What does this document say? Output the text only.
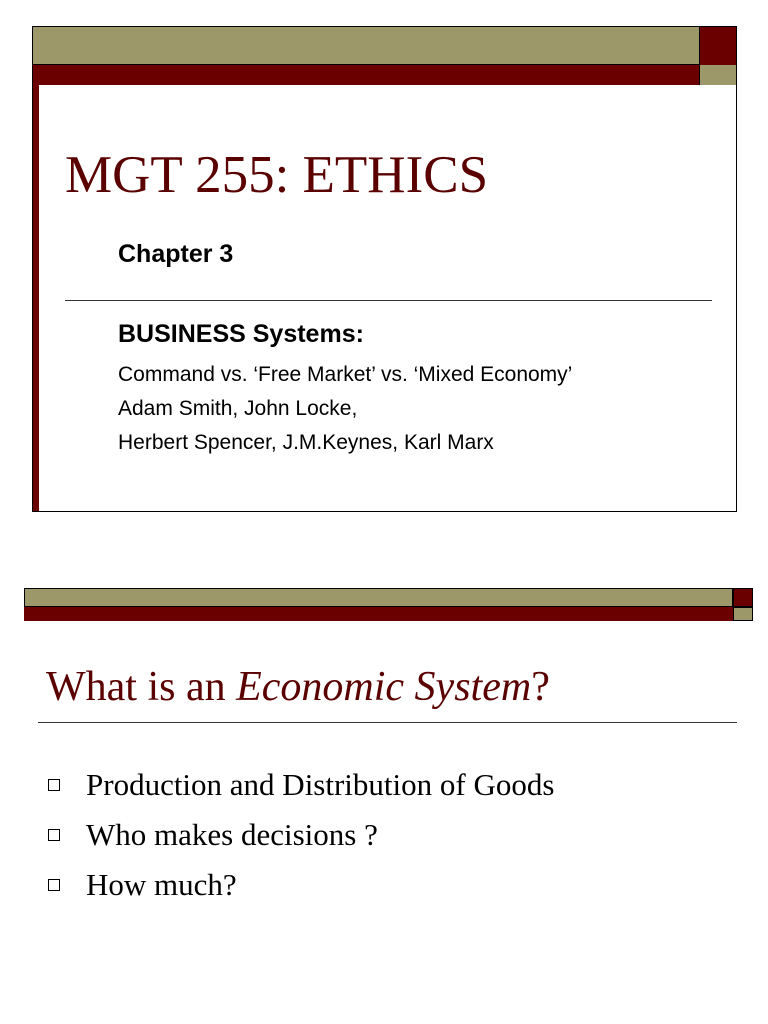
MGT 255: ETHICS
Chapter 3
BUSINESS Systems:
Command vs. ‘Free Market’ vs. ‘Mixed Economy’
Adam Smith, John Locke,
Herbert Spencer, J.M.Keynes, Karl Marx
What is an Economic System?
Production and Distribution of Goods
Who makes decisions ?
How much?
